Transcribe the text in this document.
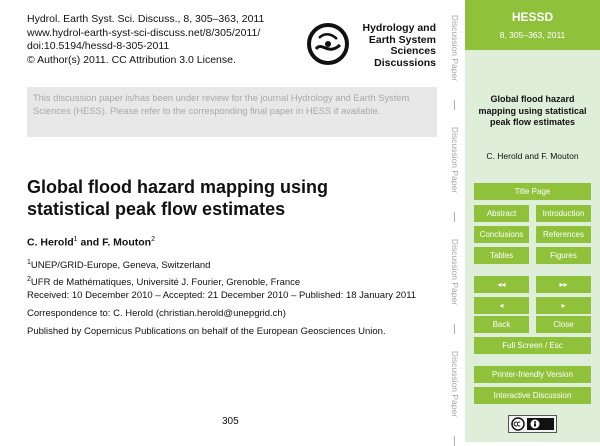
Hydrol. Earth Syst. Sci. Discuss., 8, 305–363, 2011
www.hydrol-earth-syst-sci-discuss.net/8/305/2011/
doi:10.5194/hessd-8-305-2011
© Author(s) 2011. CC Attribution 3.0 License.
Hydrology and
Earth System
Sciences
Discussions

This discussion paper is/has been under review for the journal Hydrology and Earth System Sciences (HESS). Please refer to the corresponding final paper in HESS if available.

Global flood hazard mapping using
statistical peak flow estimates
C. Herold$^1$ and F. Mouton$^2$
$^1$UNEP/GRID-Europe, Geneva, Switzerland
$^2$UFR de Mathématiques, Université J. Fourier, Grenoble, France
Received: 10 December 2010 – Accepted: 21 December 2010 – Published: 18 January 2011
Correspondence to: C. Herold (christian.herold@unepgrid.ch)
Published by Copernicus Publications on behalf of the European Geosciences Union.
305
Discussion Paper
Discussion Paper
Discussion Paper
Discussion Paper
HESSD
8, 305–363, 2011
Global flood hazard mapping using statistical peak flow estimates
C. Herold and F. Mouton
Title Page
Abstract	Introduction
Conclusions	References
Tables	Figures
◂◂	▸▸
◂	▸
Back	Close
Full Screen / Esc
Printer-friendly Version
Interactive Discussion
